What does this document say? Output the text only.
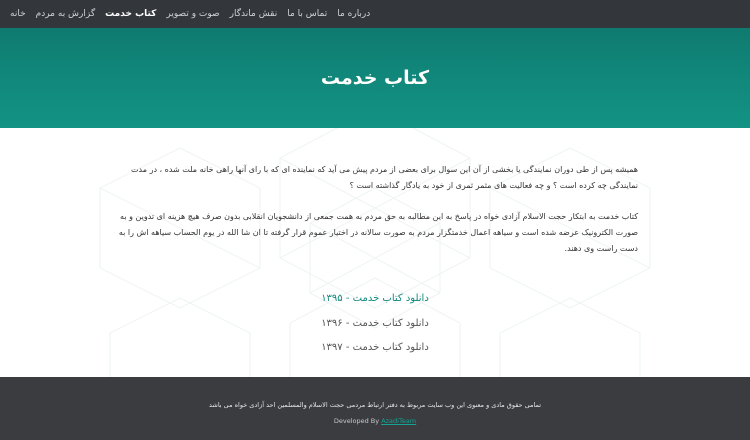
خانه گزارش به مردم کتاب خدمت صوت و تصویر نقش ماندگار تماس با ما درباره ما
کتاب خدمت

همیشه پس از طی دوران نمایندگی یا بخشی از آن این سوال برای بعضی از مردم پیش می آید که نماینده ای که با رای آنها راهی خانه ملت شده ، در مدت نمایندگی چه کرده است ؟ و چه فعالیت های مثمر ثمری از خود به یادگار گذاشته است ؟

کتاب خدمت به ابتکار حجت الاسلام آزادی خواه در پاسخ به این مطالبه به حق مردم به همت جمعی از دانشجویان انقلابی بدون صرف هیچ هزینه ای تدوین و به صورت الکترونیک عرضه شده است و سیاهه اعمال خدمتگزار مردم به صورت سالانه در اختیار عموم قرار گرفته تا ان شا الله در یوم الحساب سیاهه اش را به دست راست وی دهند.

دانلود کتاب خدمت - ۱۳۹۵
دانلود کتاب خدمت - ۱۳۹۶
دانلود کتاب خدمت - ۱۳۹۷
تمامی حقوق مادی و معنوی این وب سایت مربوط به دفتر ارتباط مردمی حجت الاسلام والمسلمین احد آزادی خواه می باشد
Developed By AzadiTeam
